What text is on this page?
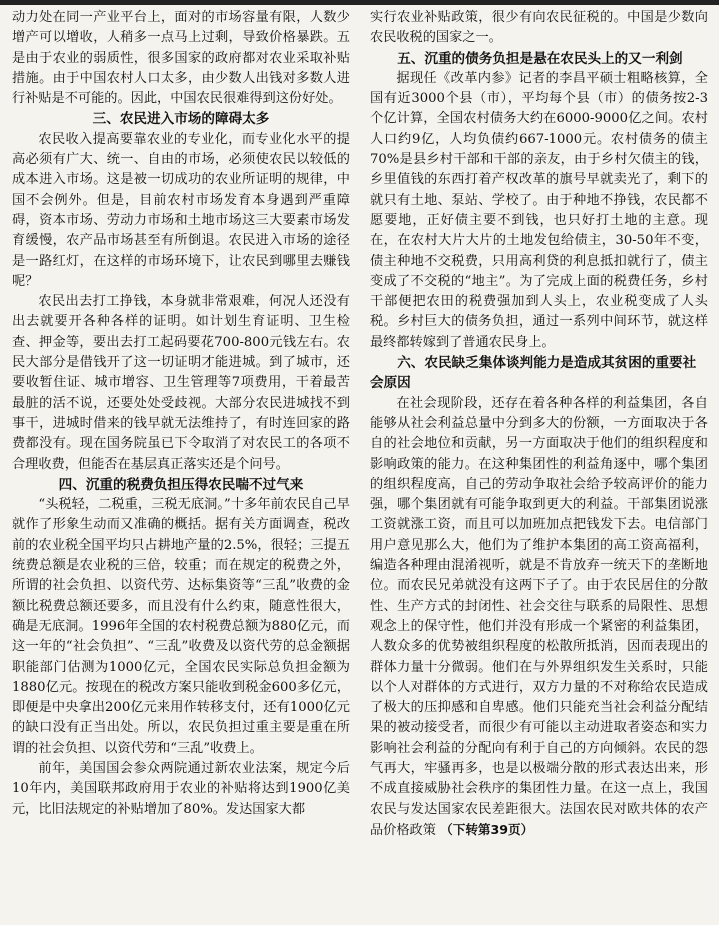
动力处在同一产业平台上，面对的市场容量有限，人数少增产可以增收，人稍多一点马上过剩，导致价格暴跌。五是由于农业的弱质性，很多国家的政府都对农业采取补贴措施。由于中国农村人口太多，由少数人出钱对多数人进行补贴是不可能的。因此，中国农民很难得到这份好处。

三、农民进入市场的障碍太多

农民收入提高要靠农业的专业化，而专业化水平的提高必须有广大、统一、自由的市场，必须使农民以较低的成本进入市场。这是被一切成功的农业所证明的规律，中国不会例外。但是，目前农村市场发育本身遇到严重障碍，资本市场、劳动力市场和土地市场这三大要素市场发育缓慢，农产品市场甚至有所倒退。农民进入市场的途径是一路红灯，在这样的市场环境下，让农民到哪里去赚钱呢？

农民出去打工挣钱，本身就非常艰难，何况人还没有出去就要开各种各样的证明。如计划生育证明、卫生检查、押金等，要出去打工起码要花700-800元钱左右。农民大部分是借钱开了这一切证明才能进城。到了城市，还要收暂住证、城市增容、卫生管理等7项费用，干着最苦最脏的活不说，还要处处受歧视。大部分农民进城找不到事干，进城时借来的钱早就无法维持了，有时连回家的路费都没有。现在国务院虽已下令取消了对农民工的各项不合理收费，但能否在基层真正落实还是个问号。

四、沉重的税费负担压得农民喘不过气来

“头税轻，二税重，三税无底洞。”十多年前农民自己早就作了形象生动而又准确的概括。据有关方面调查，税改前的农业税全国平均只占耕地产量的2.5%，很轻；三提五统费总额是农业税的三倍，较重；而在规定的税费之外，所谓的社会负担、以资代劳、达标集资等“三乱”收费的金额比税费总额还要多，而且没有什么约束，随意性很大，确是无底洞。1996年全国的农村税费总额为880亿元，而这一年的“社会负担”、“三乱”收费及以资代劳的总金额据职能部门估测为1000亿元，全国农民实际总负担金额为1880亿元。按现在的税改方案只能收到税金600多亿元，即便是中央拿出200亿元来用作转移支付，还有1000亿元的缺口没有正当出处。所以，农民负担过重主要是重在所谓的社会负担、以资代劳和“三乱”收费上。

前年，美国国会参众两院通过新农业法案，规定今后10年内，美国联邦政府用于农业的补贴将达到1900亿美元，比旧法规定的补贴增加了80%。发达国家大都

实行农业补贴政策，很少有向农民征税的。中国是少数向农民收税的国家之一。

五、沉重的债务负担是悬在农民头上的又一利剑

据现任《改革内参》记者的李昌平硕士粗略核算，全国有近3000个县（市），平均每个县（市）的债务按2-3个亿计算，全国农村债务大约在6000-9000亿之间。农村人口约9亿，人均负债约667-1000元。农村债务的债主70%是县乡村干部和干部的亲友，由于乡村欠债主的钱，乡里值钱的东西打着产权改革的旗号早就卖光了，剩下的就只有土地、泵站、学校了。由于种地不挣钱，农民都不愿要地，正好债主要不到钱，也只好打土地的主意。现在，在农村大片大片的土地发包给债主，30-50年不变，债主种地不交税费，只用高利贷的利息抵扣就行了，债主变成了不交税的“地主”。为了完成上面的税费任务，乡村干部便把农田的税费强加到人头上，农业税变成了人头税。乡村巨大的债务负担，通过一系列中间环节，就这样最终都转嫁到了普通农民身上。

六、农民缺乏集体谈判能力是造成其贫困的重要社会原因

在社会现阶段，还存在着各种各样的利益集团，各自能够从社会利益总量中分到多大的份额，一方面取决于各自的社会地位和贡献，另一方面取决于他们的组织程度和影响政策的能力。在这种集团性的利益角逐中，哪个集团的组织程度高，自己的劳动争取社会给予较高评价的能力强，哪个集团就有可能争取到更大的利益。干部集团说涨工资就涨工资，而且可以加班加点把钱发下去。电信部门用户意见那么大，他们为了维护本集团的高工资高福利，编造各种理由混淆视听，就是不肯放弃一统天下的垄断地位。而农民兄弟就没有这两下子了。由于农民居住的分散性、生产方式的封闭性、社会交往与联系的局限性、思想观念上的保守性，他们并没有形成一个紧密的利益集团，人数众多的优势被组织程度的松散所抵消，因而表现出的群体力量十分微弱。他们在与外界组织发生关系时，只能以个人对群体的方式进行，双方力量的不对称给农民造成了极大的压抑感和自卑感。他们只能充当社会利益分配结果的被动接受者，而很少有可能以主动进取者姿态和实力影响社会利益的分配向有利于自己的方向倾斜。农民的怨气再大，牢骚再多，也是以极端分散的形式表达出来，形不成直接威胁社会秩序的集团性力量。在这一点上，我国农民与发达国家农民差距很大。法国农民对欧共体的农产品价格政策 （下转第39页）
